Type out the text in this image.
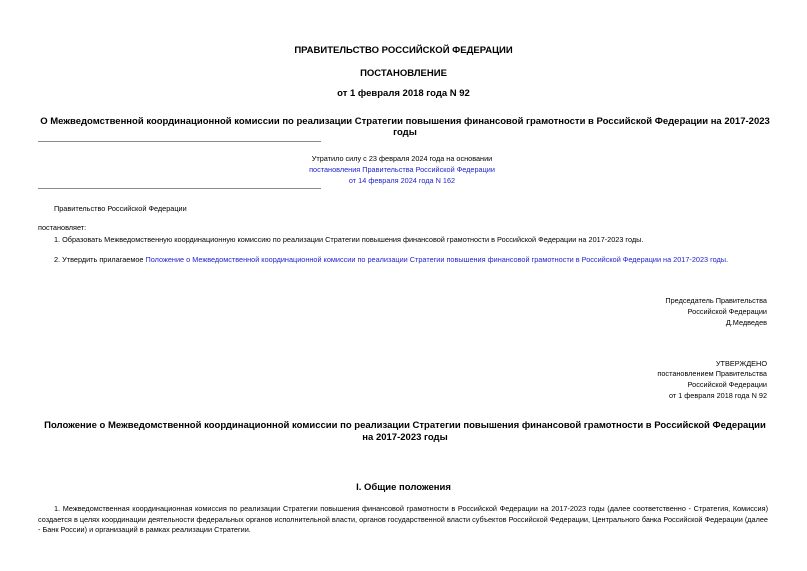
ПРАВИТЕЛЬСТВО РОССИЙСКОЙ ФЕДЕРАЦИИ
ПОСТАНОВЛЕНИЕ
от 1 февраля 2018 года N 92
О Межведомственной координационной комиссии по реализации Стратегии повышения финансовой грамотности в Российской Федерации на 2017-2023 годы
Утратило силу с 23 февраля 2024 года на основании
постановления Правительства Российской Федерации
от 14 февраля 2024 года N 162
Правительство Российской Федерации
постановляет:
1. Образовать Межведомственную координационную комиссию по реализации Стратегии повышения финансовой грамотности в Российской Федерации на 2017-2023 годы.
2. Утвердить прилагаемое Положение о Межведомственной координационной комиссии по реализации Стратегии повышения финансовой грамотности в Российской Федерации на 2017-2023 годы.
Председатель Правительства
Российской Федерации
Д.Медведев
УТВЕРЖДЕНО
постановлением Правительства
Российской Федерации
от 1 февраля 2018 года N 92
Положение о Межведомственной координационной комиссии по реализации Стратегии повышения финансовой грамотности в Российской Федерации на 2017-2023 годы
I. Общие положения
1. Межведомственная координационная комиссия по реализации Стратегии повышения финансовой грамотности в Российской Федерации на 2017-2023 годы (далее соответственно - Стратегия, Комиссия) создается в целях координации деятельности федеральных органов исполнительной власти, органов государственной власти субъектов Российской Федерации, Центрального банка Российской Федерации (далее - Банк России) и организаций в рамках реализации Стратегии.
